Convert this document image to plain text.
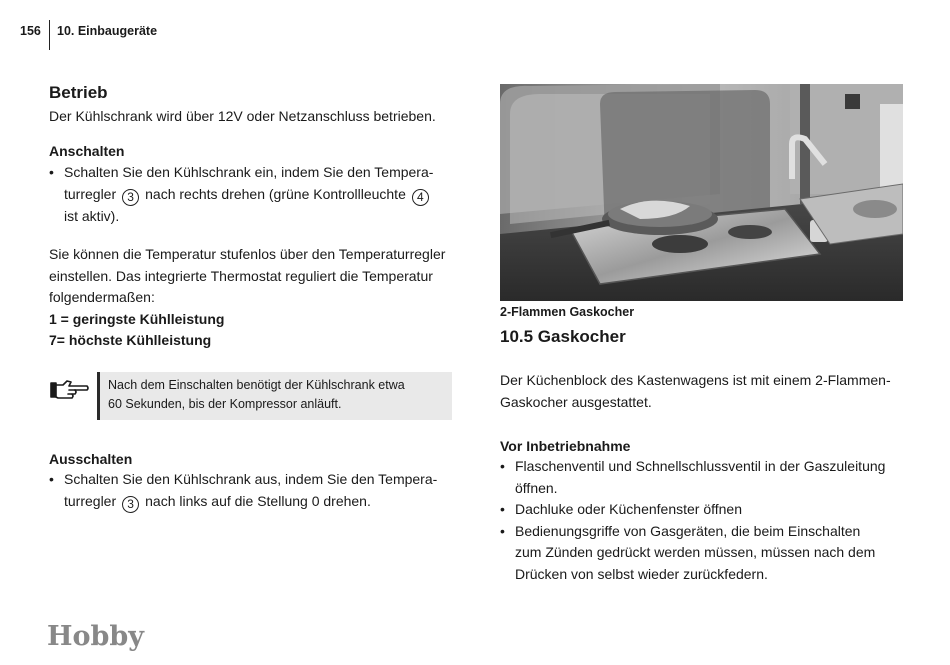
156 10. Einbaugeräte
Betrieb
Der Kühlschrank wird über 12V oder Netzanschluss betrieben.
Anschalten
• Schalten Sie den Kühlschrank ein, indem Sie den Tempera-
turregler 3 nach rechts drehen (grüne Kontrollleuchte 4
ist aktiv).
Sie können die Temperatur stufenlos über den Temperaturregler
einstellen. Das integrierte Thermostat reguliert die Temperatur
folgendermaßen:
1 = geringste Kühlleistung
7= höchste Kühlleistung
Nach dem Einschalten benötigt der Kühlschrank etwa
60 Sekunden, bis der Kompressor anläuft.
Ausschalten
• Schalten Sie den Kühlschrank aus, indem Sie den Tempera-
turregler 3 nach links auf die Stellung 0 drehen.
2-Flammen Gaskocher
10.5 Gaskocher
Der Küchenblock des Kastenwagens ist mit einem 2-Flammen-
Gaskocher ausgestattet.
Vor Inbetriebnahme
• Flaschenventil und Schnellschlussventil in der Gaszuleitung
öffnen.
• Dachluke oder Küchenfenster öffnen
• Bedienungsgriffe von Gasgeräten, die beim Einschalten
zum Zünden gedrückt werden müssen, müssen nach dem
Drücken von selbst wieder zurückfedern.
Hobby
